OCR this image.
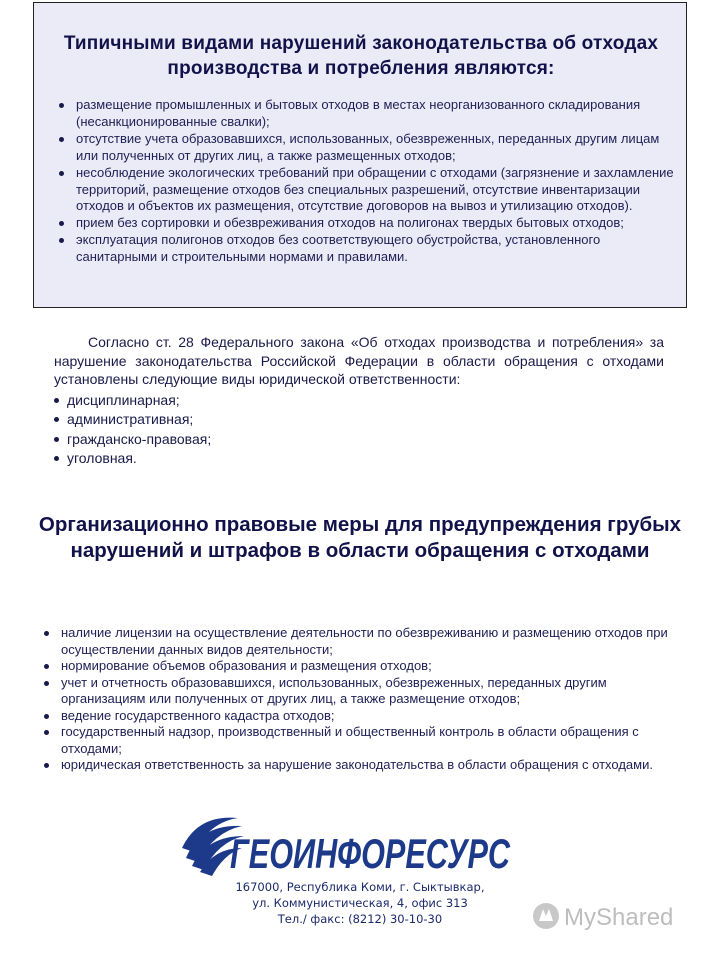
Типичными видами нарушений законодательства об отходах производства и потребления являются:
размещение промышленных и бытовых отходов в местах неорганизованного складирования (несанкционированные свалки);
отсутствие учета образовавшихся, использованных, обезвреженных, переданных другим лицам или полученных от других лиц, а также размещенных отходов;
несоблюдение экологических требований при обращении с отходами (загрязнение и захламление территорий, размещение отходов без специальных разрешений, отсутствие инвентаризации отходов и объектов их размещения, отсутствие договоров на вывоз и утилизацию отходов).
прием без сортировки и обезвреживания отходов на полигонах твердых бытовых отходов;
эксплуатация полигонов отходов без соответствующего обустройства, установленного санитарными и строительными нормами и правилами.

Согласно ст. 28 Федерального закона «Об отходах производства и потребления» за нарушение законодательства Российской Федерации в области обращения с отходами установлены следующие виды юридической ответственности:

дисциплинарная;
административная;
гражданско-правовая;
уголовная.
Организационно правовые меры для предупреждения грубых нарушений и штрафов в области обращения с отходами
наличие лицензии на осуществление деятельности по обезвреживанию и размещению отходов при осуществлении данных видов деятельности;
нормирование объемов образования и размещения отходов;
учет и отчетность образовавшихся, использованных, обезвреженных, переданных другим организациям или полученных от других лиц, а также размещение отходов;
ведение государственного кадастра отходов;
государственный надзор, производственный и общественный контроль в области обращения с отходами;
юридическая ответственность за нарушение законодательства в области обращения с отходами.
ГЕОИНФОРЕСУРС
167000, Республика Коми, г. Сыктывкар,
ул. Коммунистическая, 4, офис 313
Тел./ факс: (8212) 30-10-30	MyShared
